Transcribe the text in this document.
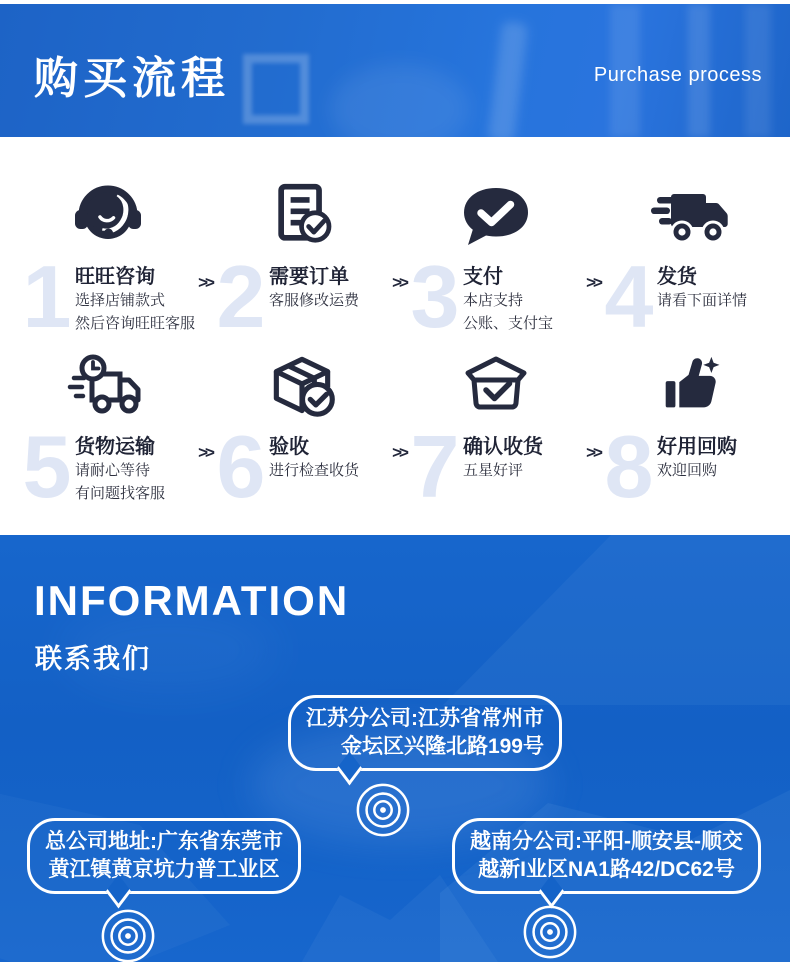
购买流程	Purchase process
1 旺旺咨询
选择店铺款式
然后咨询旺旺客服
>> 2 需要订单
客服修改运费
>> 3 支付
本店支持
公账、支付宝
>> 4 发货
请看下面详情
5 货物运输
请耐心等待
有问题找客服
>> 6 验收
进行检查收货
>> 7 确认收货
五星好评
>> 8 好用回购
欢迎回购
INFORMATION
联系我们
江苏分公司:江苏省常州市
金坛区兴隆北路199号
总公司地址:广东省东莞市
黄江镇黄京坑力普工业区
越南分公司:平阳-顺安县-顺交
越新I业区NA1路42/DC62号
